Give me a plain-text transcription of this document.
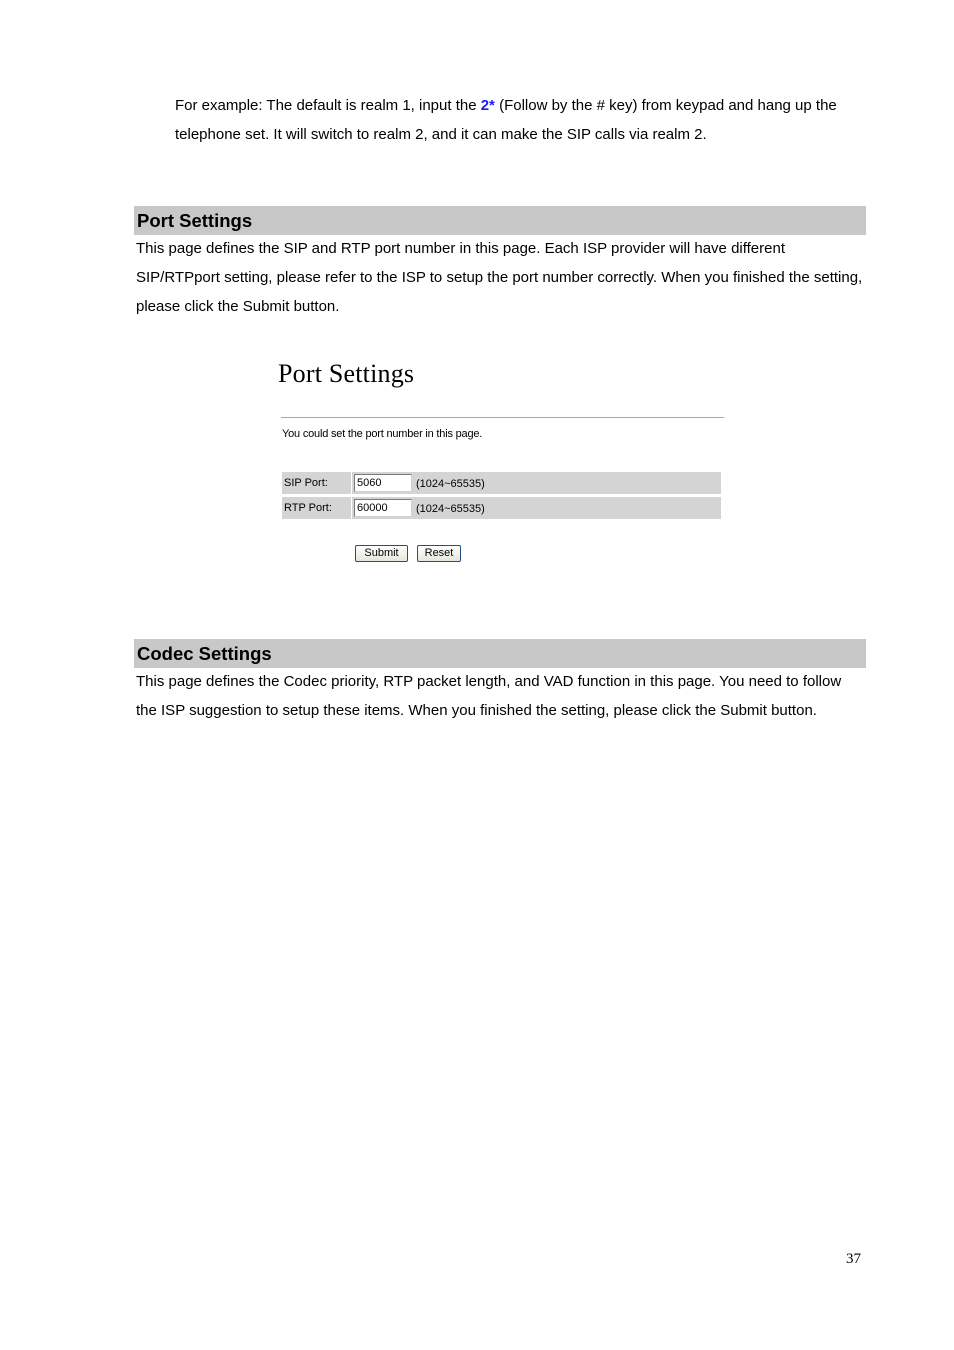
For example: The default is realm 1, input the 2* (Follow by the # key) from keypad and hang up the telephone set. It will switch to realm 2, and it can make the SIP calls via realm 2.
Port Settings
This page defines the SIP and RTP port number in this page. Each ISP provider will have different SIP/RTPport setting, please refer to the ISP to setup the port number correctly. When you finished the setting, please click the Submit button.
Port Settings
You could set the port number in this page.
SIP Port:	5060	(1024~65535)
RTP Port:	60000	(1024~65535)
Submit	Reset
Codec Settings
This page defines the Codec priority, RTP packet length, and VAD function in this page. You need to follow the ISP suggestion to setup these items. When you finished the setting, please click the Submit button.
37
